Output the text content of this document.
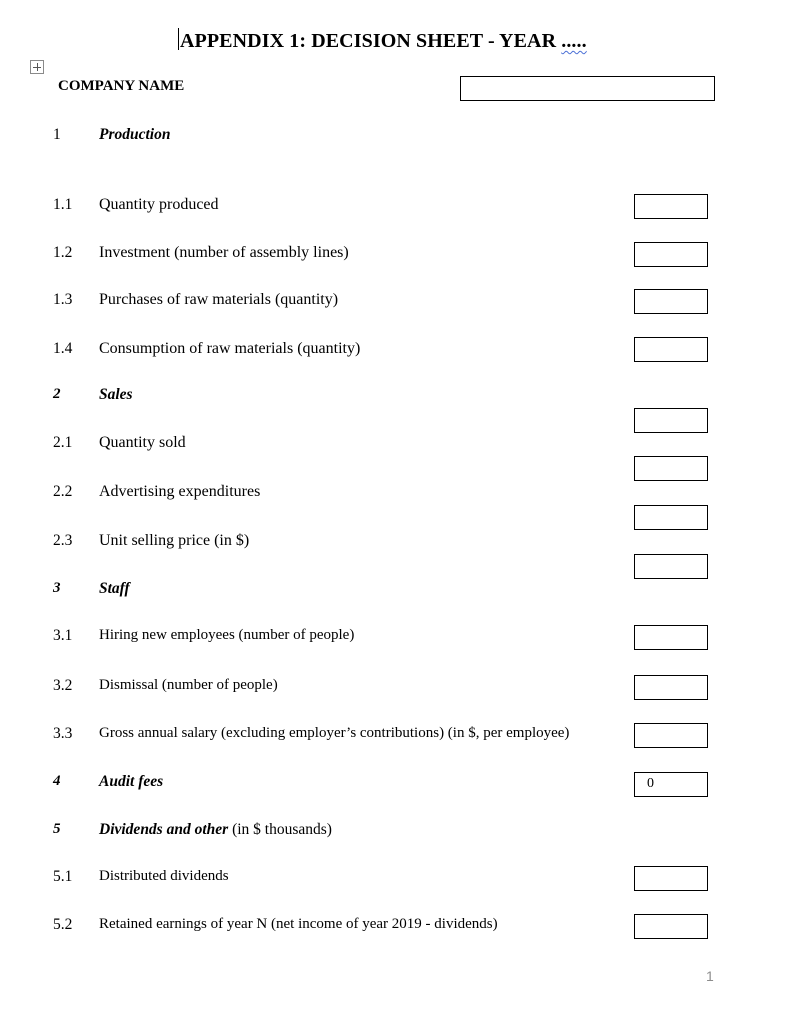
APPENDIX 1: DECISION SHEET - YEAR .....
COMPANY NAME
1 Production
1.1 Quantity produced
1.2 Investment (number of assembly lines)
1.3 Purchases of raw materials (quantity)
1.4 Consumption of raw materials (quantity)
2 Sales
2.1 Quantity sold
2.2 Advertising expenditures
2.3 Unit selling price (in $)
3 Staff
3.1 Hiring new employees (number of people)
3.2 Dismissal (number of people)
3.3 Gross annual salary (excluding employer’s contributions) (in $, per employee)
4 Audit fees	0
5 Dividends and other (in $ thousands)
5.1 Distributed dividends
5.2 Retained earnings of year N (net income of year 2019 - dividends)
1
